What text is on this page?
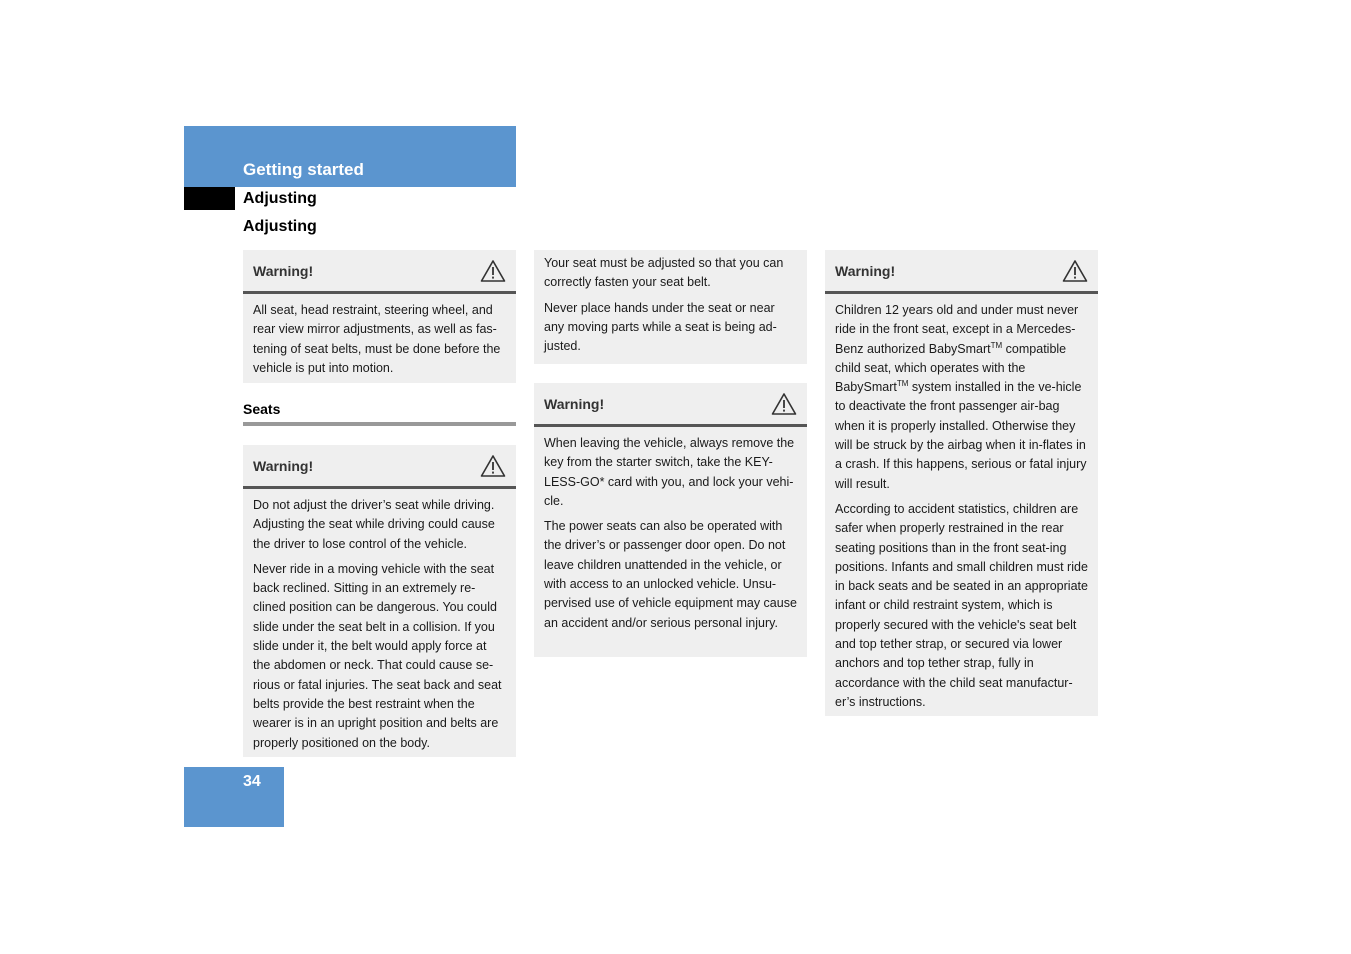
Getting started
Adjusting
Adjusting
Warning!

All seat, head restraint, steering wheel, and rear view mirror adjustments, as well as fas-tening of seat belts, must be done before the vehicle is put into motion.

Seats
Warning!

Do not adjust the driver’s seat while driving. Adjusting the seat while driving could cause the driver to lose control of the vehicle.

Never ride in a moving vehicle with the seat back reclined. Sitting in an extremely re-clined position can be dangerous. You could slide under the seat belt in a collision. If you slide under it, the belt would apply force at the abdomen or neck. That could cause se-rious or fatal injuries. The seat back and seat belts provide the best restraint when the wearer is in an upright position and belts are properly positioned on the body.

Your seat must be adjusted so that you can correctly fasten your seat belt.

Never place hands under the seat or near any moving parts while a seat is being ad-justed.

Warning!

When leaving the vehicle, always remove the key from the starter switch, take the KEY-LESS-GO* card with you, and lock your vehi-cle.

The power seats can also be operated with the driver’s or passenger door open. Do not leave children unattended in the vehicle, or with access to an unlocked vehicle. Unsu-pervised use of vehicle equipment may cause an accident and/or serious personal injury.

Warning!

Children 12 years old and under must never ride in the front seat, except in a Mercedes-Benz authorized BabySmart™ compatible child seat, which operates with the BabySmart™ system installed in the ve-hicle to deactivate the front passenger air-bag when it is properly installed. Otherwise they will be struck by the airbag when it in-flates in a crash. If this happens, serious or fatal injury will result.

According to accident statistics, children are safer when properly restrained in the rear seating positions than in the front seat-ing positions. Infants and small children must ride in back seats and be seated in an appropriate infant or child restraint system, which is properly secured with the vehicle's seat belt and top tether strap, or secured via lower anchors and top tether strap, fully in accordance with the child seat manufactur-er’s instructions.

34
